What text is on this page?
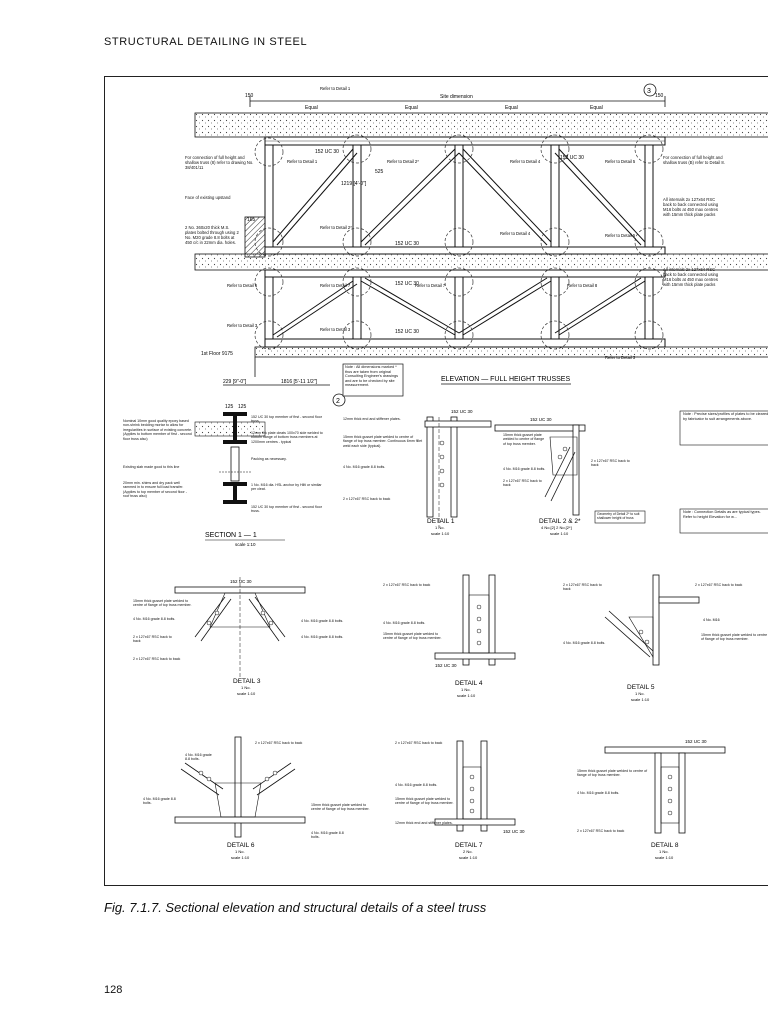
STRUCTURAL DETAILING IN STEEL
150
Equal	Equal
Site dimension
Equal	Equal
150
3
152 UC 30
152 UC 30
152 UC 30
152 UC 30
152 UC 30
1219 [4'-0"]
525
165
Refer to Detail 1
Refer to Detail 1	Refer to Detail 2*	Refer to Detail 4	Refer to Detail 5
Refer to Detail 2*
Refer to Detail 4	Refer to Detail 5
Refer to Detail 6	Refer to Detail 7	Refer to Detail 7	Refer to Detail 8
Refer to Detail 3
Refer to Detail 3
Refer to Detail 3
For connection of full height and shallow truss (8) refer to drawing No. 38/401/11
Face of existing upstand
2 No. 360x20 thick M.S. plates bolted through using 2 No. M20 grade 8.8 bolts at 450 c/c in 22mm dia. holes.
For connection of full height and shallow truss (B) refer to Detail 8.
All internals 2x 127x64 RSC back to back connected using M16 bolts at 450 max centres with 15mm thick plate packs
All internals 2x 127x64 RSC back to back connected using M16 bolts at 450 max centres with 15mm thick plate packs
1st Floor 9175
229 [9"-0"]	1816 [5'-11 1/2"]
2
Note : All dimensions marked * thus are taken from original Consulting Engineer's drawings and are to be checked by site measurement.
ELEVATION — FULL HEIGHT TRUSSES
125 125
Nominal 10mm good quality epoxy based non-shrink bedding mortar to allow for irregularities in surface of existing concrete. (Applies to bottom member of first - second floor truss also)
Existing slab made good to this line
20mm min. shims and dry pack well rammed in to ensure full load transfer. (Applies to top member of second floor - roof truss also)
152 UC 30 top member of first - second floor truss.
12mm thk plate cleats 100x70 side welded to bottom flange of bottom truss members at 1200mm centres - typical
Packing as necessary.
1 No. M16 dia. HSL anchor by Hilti or similar per cleat.
152 UC 30 top member of first - second floor truss.
SECTION 1 — 1
scale 1:10
152 UC 30
12mm thick end and stiffener plates.
15mm thick gusset plate welded to centre of flange of top truss member. Continuous 6mm fillet weld each side (typical).
4 No. M16 grade 8.8 bolts.
2 x 127x67 RSC back to back
DETAIL 1
1 No.
scale 1:10
152 UC 30
15mm thick gusset plate welded to centre of flange of top truss member.
4 No. M16 grade 8.8 bolts.
2 x 127x67 RSC back to back
2 x 127x67 RSC back to back
Geometry of Detail 2* to suit shallower height of truss
DETAIL 2 & 2*
4 No.[2] 2 No.[2*]
scale 1:10
Note : Precise sizes/profiles of plates to be cleared by fabricator to suit arrangements above.
Note : Connection Details as are typical types. Refer to height Elevation for w...
152 UC 30
15mm thick gusset plate welded to centre of flange of top truss member.
4 No. M16 grade 8.8 bolts.
2 x 127x67 RSC back to back
2 x 127x67 RSC back to back
4 No. M16 grade 8.8 bolts.
4 No. M16 grade 8.8 bolts.
DETAIL 3
1 No.
scale 1:10
152 UC 30
2 x 127x67 RSC back to back
4 No. M16 grade 8.8 bolts.
15mm thick gusset plate welded to centre of flange of top truss member.
DETAIL 4
1 No.
scale 1:10
2 x 127x67 RSC back to back
2 x 127x67 RSC back to back
4 No. M16 grade 8.8 bolts.
4 No. M16
15mm thick gusset plate welded to centre of flange of top truss member.
DETAIL 5
1 No.
scale 1:10
2 x 127x67 RSC back to back
4 No. M16 grade 8.8 bolts.
4 No. M16 grade 8.8 bolts.	15mm thick gusset plate welded to centre of flange of top truss member.
4 No. M16 grade 8.8 bolts.
DETAIL 6
1 No.
scale 1:10
152 UC 30
2 x 127x67 RSC back to back
4 No. M16 grade 8.8 bolts.
15mm thick gusset plate welded to centre of flange of top truss member.
12mm thick end and stiffener plates.
DETAIL 7
2 No.
scale 1:10
152 UC 30
15mm thick gusset plate welded to centre of flange of top truss member.
4 No. M16 grade 8.8 bolts.
2 x 127x67 RSC back to back
DETAIL 8
1 No.
scale 1:10
Fig. 7.1.7. Sectional elevation and structural details of a steel truss
128
